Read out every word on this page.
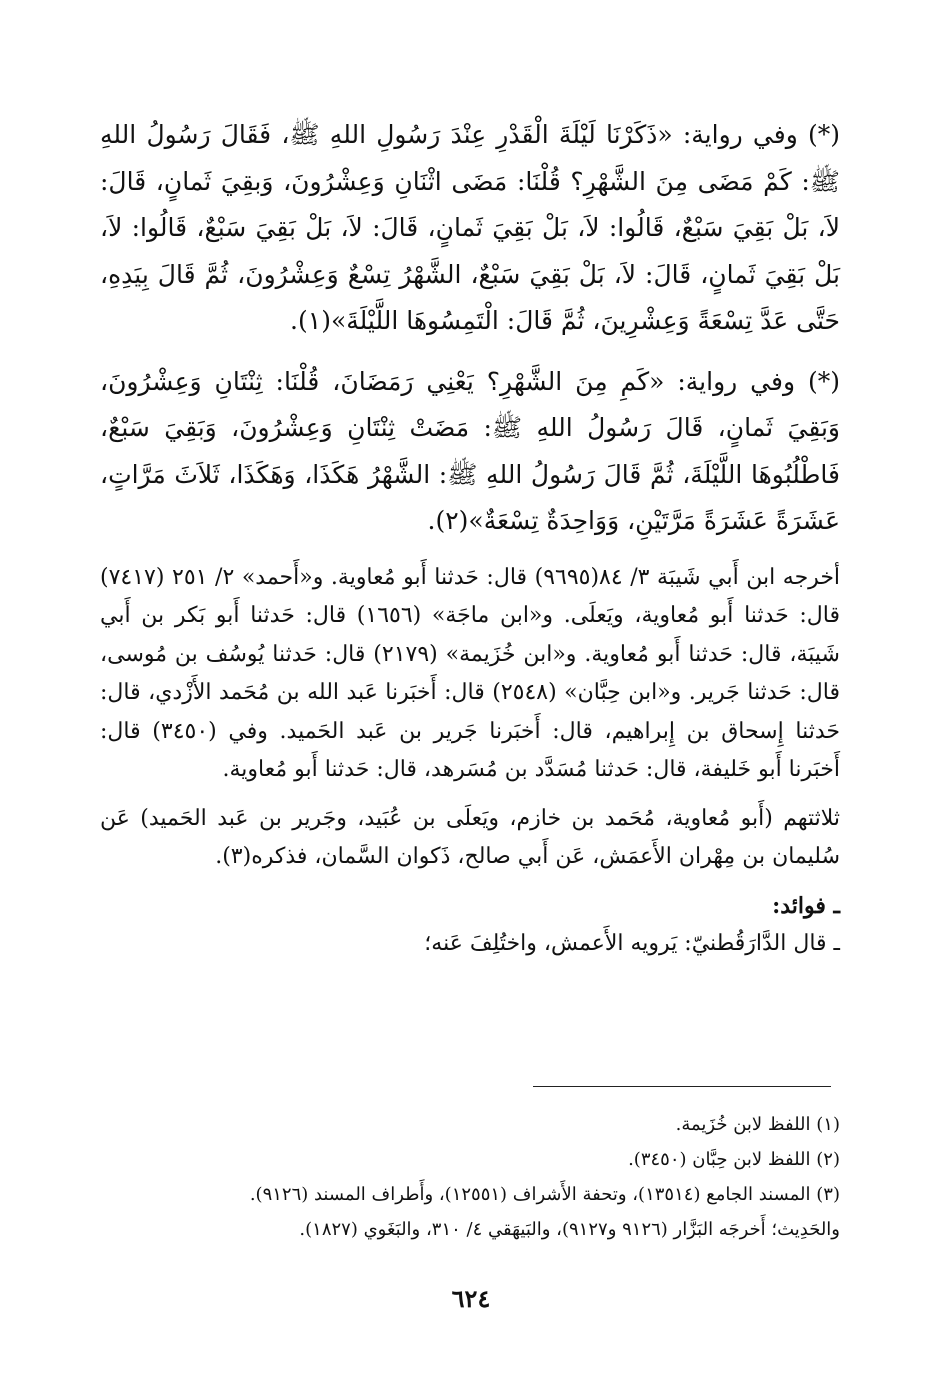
(*) وفي رواية: «ذَكَرْنَا لَيْلَةَ الْقَدْرِ عِنْدَ رَسُولِ اللهِ ﷺ، فَقَالَ رَسُولُ اللهِ ﷺ: كَمْ مَضَى مِنَ الشَّهْرِ؟ قُلْنَا: مَضَى اثْنَانِ وَعِشْرُونَ، وَبقِيَ ثَمانٍ، قَالَ: لاَ، بَلْ بَقِيَ سَبْعٌ، قَالُوا: لاَ، بَلْ بَقِيَ ثَمانٍ، قَالَ: لاَ، بَلْ بَقِيَ سَبْعٌ، قَالُوا: لاَ، بَلْ بَقِيَ ثَمانٍ، قَالَ: لاَ، بَلْ بَقِيَ سَبْعٌ، الشَّهْرُ تِسْعٌ وَعِشْرُونَ، ثُمَّ قَالَ بِيَدِهِ، حَتَّى عَدَّ تِسْعَةً وَعِشْرِينَ، ثُمَّ قَالَ: الْتَمِسُوهَا اللَّيْلَةَ»(١).

(*) وفي رواية: «كَمِ مِنَ الشَّهْرِ؟ يَعْنِي رَمَضَانَ، قُلْنَا: ثِنْتَانِ وَعِشْرُونَ، وَبَقِيَ ثَمانٍ، قَالَ رَسُولُ اللهِ ﷺ: مَضَتْ ثِنْتَانِ وَعِشْرُونَ، وَبَقِيَ سَبْعٌ، فَاطْلُبُوهَا اللَّيْلَةَ، ثُمَّ قَالَ رَسُولُ اللهِ ﷺ: الشَّهْرُ هَكَذَا، وَهَكَذَا، ثَلاَثَ مَرَّاتٍ، عَشَرَةً عَشَرَةً مَرَّتَيْنِ، وَوَاحِدَةٌ تِسْعَةٌ»(٢).

أخرجه ابن أَبي شَيبَة ٣/ ٨٤(٩٦٩٥) قال: حَدثنا أَبو مُعاوية. و«أَحمد» ٢/ ٢٥١ (٧٤١٧) قال: حَدثنا أَبو مُعاوية، ويَعلَى. و«ابن ماجَة» (١٦٥٦) قال: حَدثنا أَبو بَكر بن أَبي شَيبَة، قال: حَدثنا أَبو مُعاوية. و«ابن خُزَيمة» (٢١٧٩) قال: حَدثنا يُوسُف بن مُوسى، قال: حَدثنا جَرير. و«ابن حِبَّان» (٢٥٤٨) قال: أَخبَرنا عَبد الله بن مُحَمد الأَزْدي، قال: حَدثنا إِسحاق بن إِبراهيم، قال: أَخبَرنا جَرير بن عَبد الحَميد. وفي (٣٤٥٠) قال: أَخبَرنا أَبو خَليفة، قال: حَدثنا مُسَدَّد بن مُسَرهد، قال: حَدثنا أَبو مُعاوية.

ثلاثتهم (أَبو مُعاوية، مُحَمد بن خازم، ويَعلَى بن عُبَيد، وجَرير بن عَبد الحَميد) عَن سُليمان بن مِهْران الأَعمَش، عَن أَبي صالح، ذَكوان السَّمان، فذكره(٣).

ـ فوائد:

ـ قال الدَّارَقُطنيّ: يَرويه الأَعمش، واختُلِفَ عَنه؛

(١) اللفظ لابن خُزَيمة.

(٢) اللفظ لابن حِبَّان (٣٤٥٠).

(٣) المسند الجامع (١٣٥١٤)، وتحفة الأَشراف (١٢٥٥١)، وأَطراف المسند (٩١٢٦).

والحَدِيث؛ أَخرجَه البَزَّار (٩١٢٦ و٩١٢٧)، والبَيهَقي ٤/ ٣١٠، والبَغَوي (١٨٢٧).

٦٢٤
